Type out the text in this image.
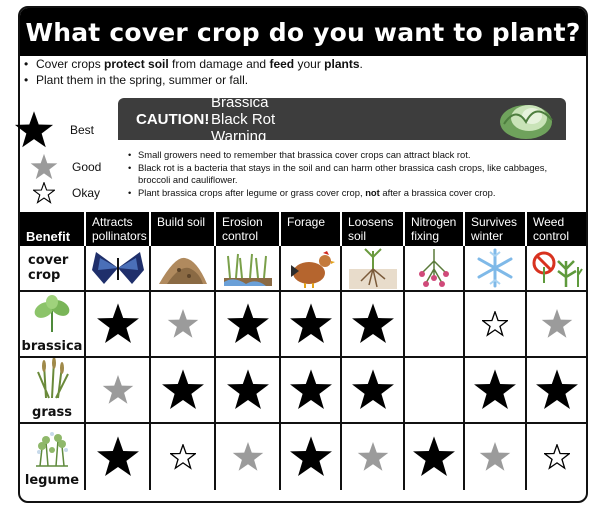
What cover crop do you want to plant?
• Cover crops protect soil from damage and feed your plants.
• Plant them in the spring, summer or fall.
Best
Good
Okay
CAUTION!
Brassica Black Rot Warning
• Small growers need to remember that brassica cover crops can attract black rot.
• Black rot is a bacteria that stays in the soil and can harm other brassica cash crops, like cabbages, broccoli and cauliflower.
• Plant brassica crops after legume or grass cover crop, not after a brassica cover crop.
Benefit
Attracts
pollinators
Build soil	Erosion
control
Forage	Loosens
soil
Nitrogen
fixing
Survives
winter
Weed
control
cover
crop
brassica
grass
legume
